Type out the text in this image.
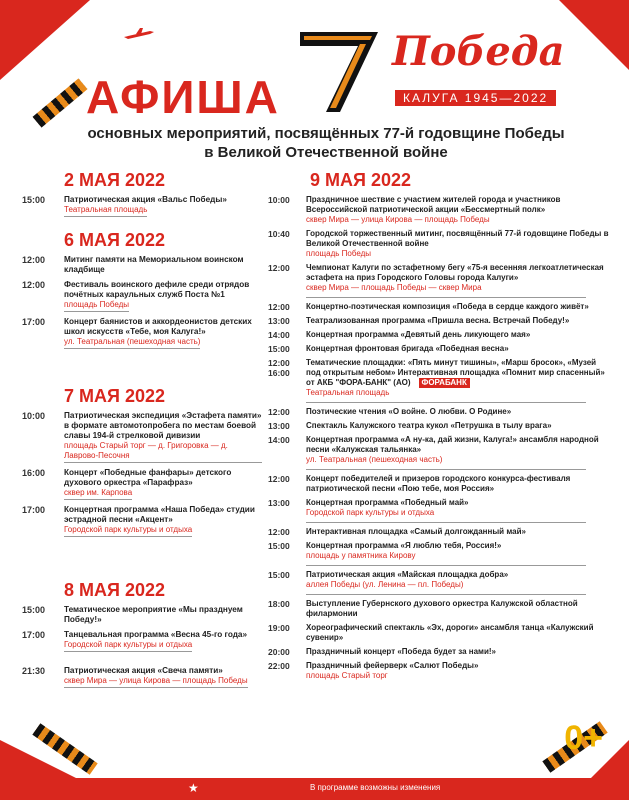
АФИША
Победа
КАЛУГА 1945—2022
основных мероприятий, посвящённых 77-й годовщине Победы в Великой Отечественной войне
2 МАЯ 2022
15:00	Патриотическая акция «Вальс Победы»
Театральная площадь
6 МАЯ 2022
12:00	Митинг памяти на Мемориальном воинском кладбище
12:00	Фестиваль воинского дефиле среди отрядов почётных караульных служб Поста №1
площадь Победы
17:00	Концерт баянистов и аккордеонистов детских школ искусств «Тебе, моя Калуга!»
ул. Театральная (пешеходная часть)
7 МАЯ 2022
10:00	Патриотическая экспедиция «Эстафета памяти» в формате автомотопробега по местам боевой славы 194-й стрелковой дивизии
площадь Старый торг — д. Григоровка — д. Лаврово-Песочня
16:00	Концерт «Победные фанфары» детского духового оркестра «Парафраз»
сквер им. Карпова
17:00	Концертная программа «Наша Победа» студии эстрадной песни «Акцент»
Городской парк культуры и отдыха
8 МАЯ 2022
15:00	Тематическое мероприятие «Мы празднуем Победу!»
17:00	Танцевальная программа «Весна 45-го года»
Городской парк культуры и отдыха
21:30	Патриотическая акция «Свеча памяти»
сквер Мира — улица Кирова — площадь Победы
9 МАЯ 2022
10:00	Праздничное шествие с участием жителей города и участников Всероссийской патриотической акции «Бессмертный полк»
сквер Мира — улица Кирова — площадь Победы
10:40	Городской торжественный митинг, посвящённый 77-й годовщине Победы в Великой Отечественной войне
площадь Победы
12:00	Чемпионат Калуги по эстафетному бегу «75-я весенняя легкоатлетическая эстафета на приз Городского Головы города Калуги»
сквер Мира — площадь Победы — сквер Мира
12:00	Концертно-поэтическая композиция «Победа в сердце каждого живёт»
13:00	Театрализованная программа «Пришла весна. Встречай Победу!»
14:00	Концертная программа «Девятый день ликующего мая»
15:00	Концертная фронтовая бригада «Победная весна»
12:00
16:00
Тематические площадки: «Пять минут тишины», «Марш бросок», «Музей под открытым небом» Интерактивная площадка «Помнит мир спасенный» от АКБ "ФОРА-БАНК" (АО) ФОРАБАНК
Театральная площадь
12:00	Поэтические чтения «О войне. О любви. О Родине»
13:00	Спектакль Калужского театра кукол «Петрушка в тылу врага»
14:00	Концертная программа «А ну-ка, дай жизни, Калуга!» ансамбля народной песни «Калужская тальянка»
ул. Театральная (пешеходная часть)
12:00	Концерт победителей и призеров городского конкурса-фестиваля патриотической песни «Пою тебе, моя Россия»
13:00	Концертная программа «Победный май»
Городской парк культуры и отдыха
12:00	Интерактивная площадка «Самый долгожданный май»
15:00	Концертная программа «Я люблю тебя, Россия!»
площадь у памятника Кирову
15:00	Патриотическая акция «Майская площадка добра»
аллея Победы (ул. Ленина — пл. Победы)
18:00	Выступление Губернского духового оркестра Калужской областной филармонии
19:00	Хореографический спектакль «Эх, дороги» ансамбля танца «Калужский сувенир»
20:00	Праздничный концерт «Победа будет за нами!»
22:00	Праздничный фейерверк «Салют Победы»
площадь Старый торг
0+
★	В программе возможны изменения
